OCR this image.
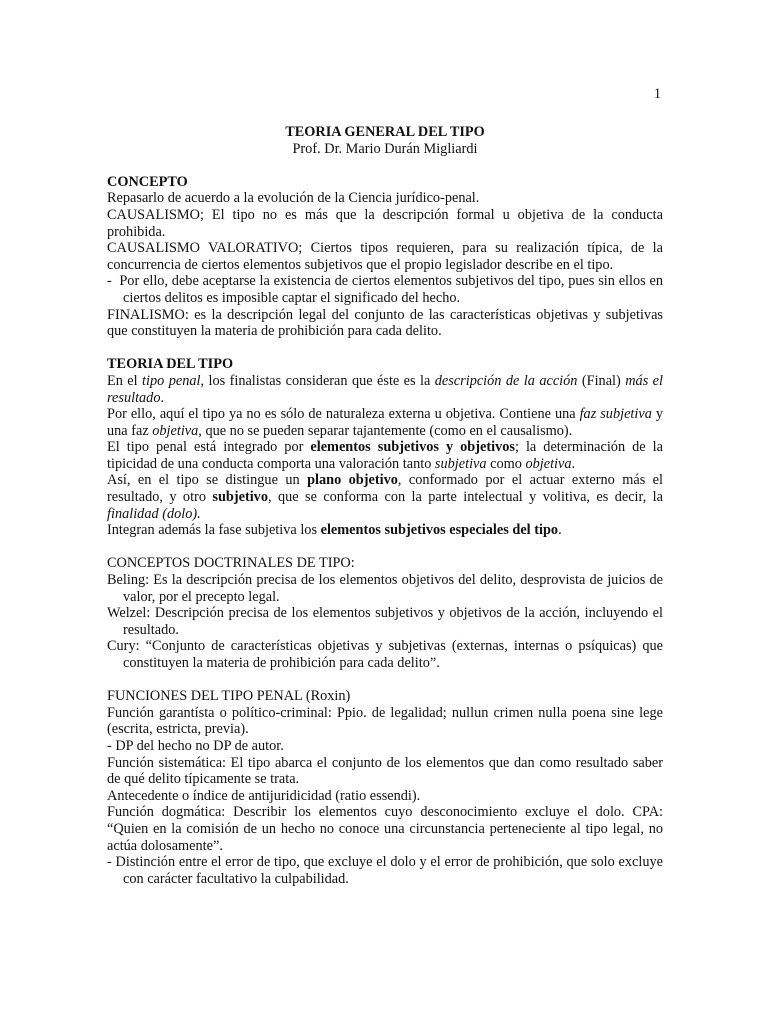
1

TEORIA GENERAL DEL TIPO

Prof. Dr. Mario Durán Migliardi

CONCEPTO

Repasarlo de acuerdo a la evolución de la Ciencia jurídico-penal.

CAUSALISMO; El tipo no es más que la descripción formal u objetiva de la conducta prohibida.

CAUSALISMO VALORATIVO; Ciertos tipos requieren, para su realización típica, de la concurrencia de ciertos elementos subjetivos que el propio legislador describe en el tipo.

-  Por ello, debe aceptarse la existencia de ciertos elementos subjetivos del tipo, pues sin ellos en ciertos delitos es imposible captar el significado del hecho.

FINALISMO: es la descripción legal del conjunto de las características objetivas y subjetivas que constituyen la materia de prohibición para cada delito.

TEORIA DEL TIPO

En el tipo penal, los finalistas consideran que éste es la descripción de la acción (Final) más el resultado.

Por ello, aquí el tipo ya no es sólo de naturaleza externa u objetiva. Contiene una faz subjetiva y una faz objetiva, que no se pueden separar tajantemente (como en el causalismo).

El tipo penal está integrado por elementos subjetivos y objetivos; la determinación de la tipicidad de una conducta comporta una valoración tanto subjetiva como objetiva.

Así, en el tipo se distingue un plano objetivo, conformado por el actuar externo más el resultado, y otro subjetivo, que se conforma con la parte intelectual y volitiva, es decir, la finalidad (dolo).

Integran además la fase subjetiva los elementos subjetivos especiales del tipo.

CONCEPTOS DOCTRINALES DE TIPO:

Beling: Es la descripción precisa de los elementos objetivos del delito, desprovista de juicios de valor, por el precepto legal.

Welzel: Descripción precisa de los elementos subjetivos y objetivos de la acción, incluyendo el resultado.

Cury: “Conjunto de características objetivas y subjetivas (externas, internas o psíquicas) que constituyen la materia de prohibición para cada delito”.

FUNCIONES DEL TIPO PENAL (Roxin)

Función garantísta o político-criminal: Ppio. de legalidad; nullun crimen nulla poena sine lege (escrita, estricta, previa).

- DP del hecho no DP de autor.

Función sistemática: El tipo abarca el conjunto de los elementos que dan como resultado saber de qué delito típicamente se trata.

Antecedente o índice de antijuridicidad (ratio essendi).

Función dogmática: Describir los elementos cuyo desconocimiento excluye el dolo. CPA: “Quien en la comisión de un hecho no conoce una circunstancia perteneciente al tipo legal, no actúa dolosamente”.

- Distinción entre el error de tipo, que excluye el dolo y el error de prohibición, que solo excluye con carácter facultativo la culpabilidad.
